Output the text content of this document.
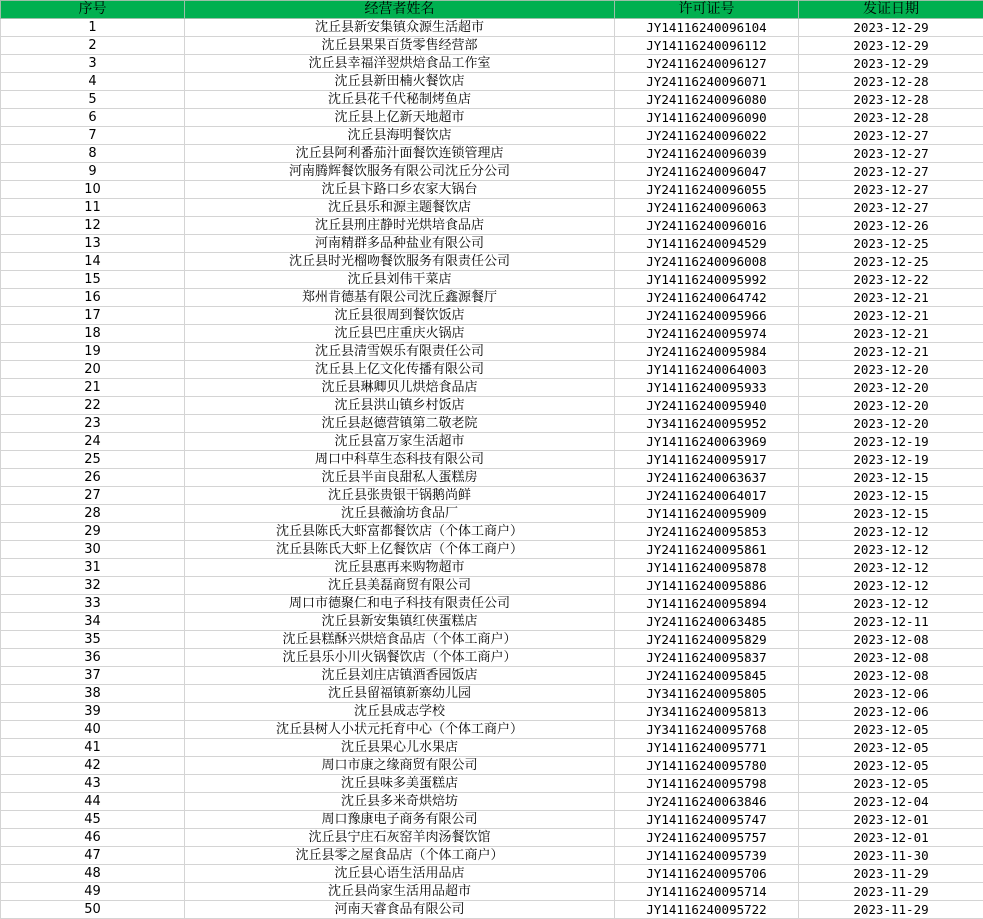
序号	经营者姓名	许可证号	发证日期
1	沈丘县新安集镇众源生活超市	JY14116240096104	2023-12-29
2	沈丘县果果百货零售经营部	JY14116240096112	2023-12-29
3	沈丘县幸福洋翌烘焙食品工作室	JY24116240096127	2023-12-29
4	沈丘县新田楠火餐饮店	JY24116240096071	2023-12-28
5	沈丘县花千代秘制烤鱼店	JY24116240096080	2023-12-28
6	沈丘县上亿新天地超市	JY14116240096090	2023-12-28
7	沈丘县海明餐饮店	JY24116240096022	2023-12-27
8	沈丘县阿利番茄汁面餐饮连锁管理店	JY24116240096039	2023-12-27
9	河南腾辉餐饮服务有限公司沈丘分公司	JY24116240096047	2023-12-27
10	沈丘县卞路口乡农家大锅台	JY24116240096055	2023-12-27
11	沈丘县乐和源主题餐饮店	JY24116240096063	2023-12-27
12	沈丘县刑庄静时光烘培食品店	JY24116240096016	2023-12-26
13	河南精群多品种盐业有限公司	JY14116240094529	2023-12-25
14	沈丘县时光榴吻餐饮服务有限责任公司	JY24116240096008	2023-12-25
15	沈丘县刘伟干菜店	JY14116240095992	2023-12-22
16	郑州肯德基有限公司沈丘鑫源餐厅	JY24116240064742	2023-12-21
17	沈丘县很周到餐饮饭店	JY24116240095966	2023-12-21
18	沈丘县巴庄重庆火锅店	JY24116240095974	2023-12-21
19	沈丘县清雪娱乐有限责任公司	JY24116240095984	2023-12-21
20	沈丘县上亿文化传播有限公司	JY14116240064003	2023-12-20
21	沈丘县琳卿贝儿烘焙食品店	JY14116240095933	2023-12-20
22	沈丘县洪山镇乡村饭店	JY24116240095940	2023-12-20
23	沈丘县赵德营镇第二敬老院	JY34116240095952	2023-12-20
24	沈丘县富万家生活超市	JY14116240063969	2023-12-19
25	周口中科草生态科技有限公司	JY14116240095917	2023-12-19
26	沈丘县半亩良甜私人蛋糕房	JY24116240063637	2023-12-15
27	沈丘县张贵银干锅鹅尚鲜	JY24116240064017	2023-12-15
28	沈丘县薇渝坊食品厂	JY14116240095909	2023-12-15
29	沈丘县陈氏大虾富都餐饮店（个体工商户）	JY24116240095853	2023-12-12
30	沈丘县陈氏大虾上亿餐饮店（个体工商户）	JY24116240095861	2023-12-12
31	沈丘县惠再来购物超市	JY14116240095878	2023-12-12
32	沈丘县美磊商贸有限公司	JY14116240095886	2023-12-12
33	周口市德聚仁和电子科技有限责任公司	JY14116240095894	2023-12-12
34	沈丘县新安集镇红侠蛋糕店	JY24116240063485	2023-12-11
35	沈丘县糕酥兴烘焙食品店（个体工商户）	JY24116240095829	2023-12-08
36	沈丘县乐小川火锅餐饮店（个体工商户）	JY24116240095837	2023-12-08
37	沈丘县刘庄店镇酒香园饭店	JY24116240095845	2023-12-08
38	沈丘县留福镇新寨幼儿园	JY34116240095805	2023-12-06
39	沈丘县成志学校	JY34116240095813	2023-12-06
40	沈丘县树人小状元托育中心（个体工商户）	JY34116240095768	2023-12-05
41	沈丘县果心儿水果店	JY14116240095771	2023-12-05
42	周口市康之缘商贸有限公司	JY14116240095780	2023-12-05
43	沈丘县味多美蛋糕店	JY14116240095798	2023-12-05
44	沈丘县多米奇烘焙坊	JY24116240063846	2023-12-04
45	周口豫康电子商务有限公司	JY14116240095747	2023-12-01
46	沈丘县宁庄石灰窑羊肉汤餐饮馆	JY24116240095757	2023-12-01
47	沈丘县零之屋食品店（个体工商户）	JY14116240095739	2023-11-30
48	沈丘县心语生活用品店	JY14116240095706	2023-11-29
49	沈丘县尚家生活用品超市	JY14116240095714	2023-11-29
50	河南天睿食品有限公司	JY14116240095722	2023-11-29
